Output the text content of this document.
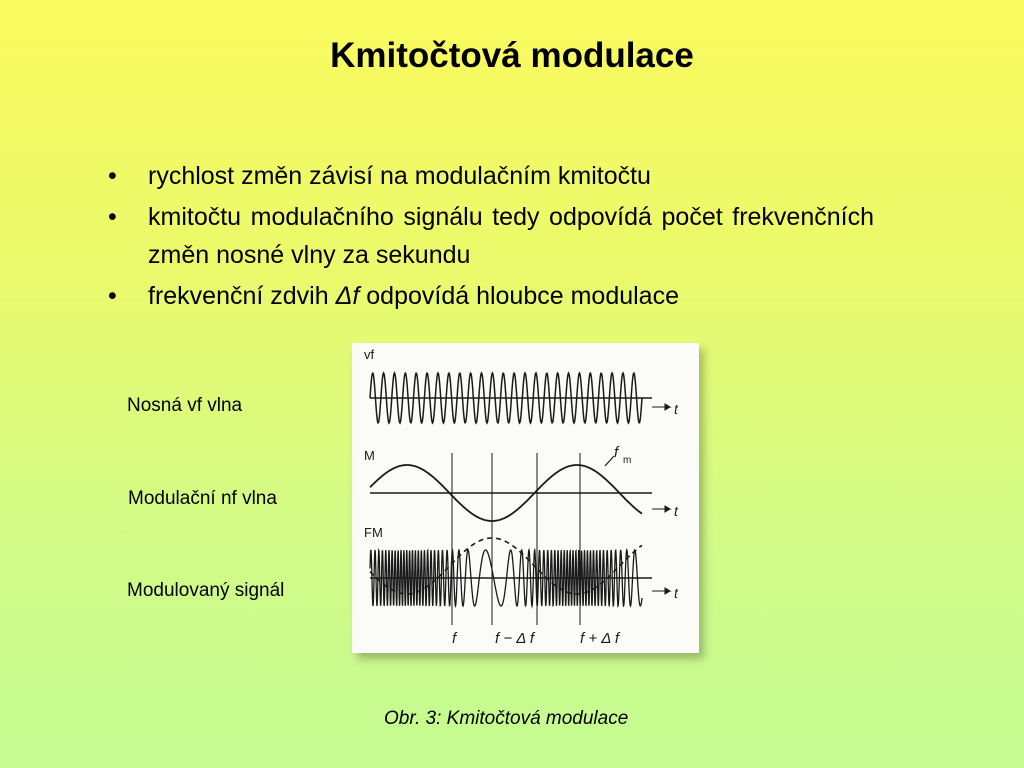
Kmitočtová modulace
• rychlost změn závisí na modulačním kmitočtu
• kmitočtu modulačního signálu tedy odpovídá počet frekvenčních změn nosné vlny za sekundu
• frekvenční zdvih Δf odpovídá hloubce modulace
Nosná vf vlna
Modulační nf vlna
Modulovaný signál
vf
M
FM
t
t
t
f m
f	f − Δ f	f + Δ f
Obr. 3: Kmitočtová modulace
